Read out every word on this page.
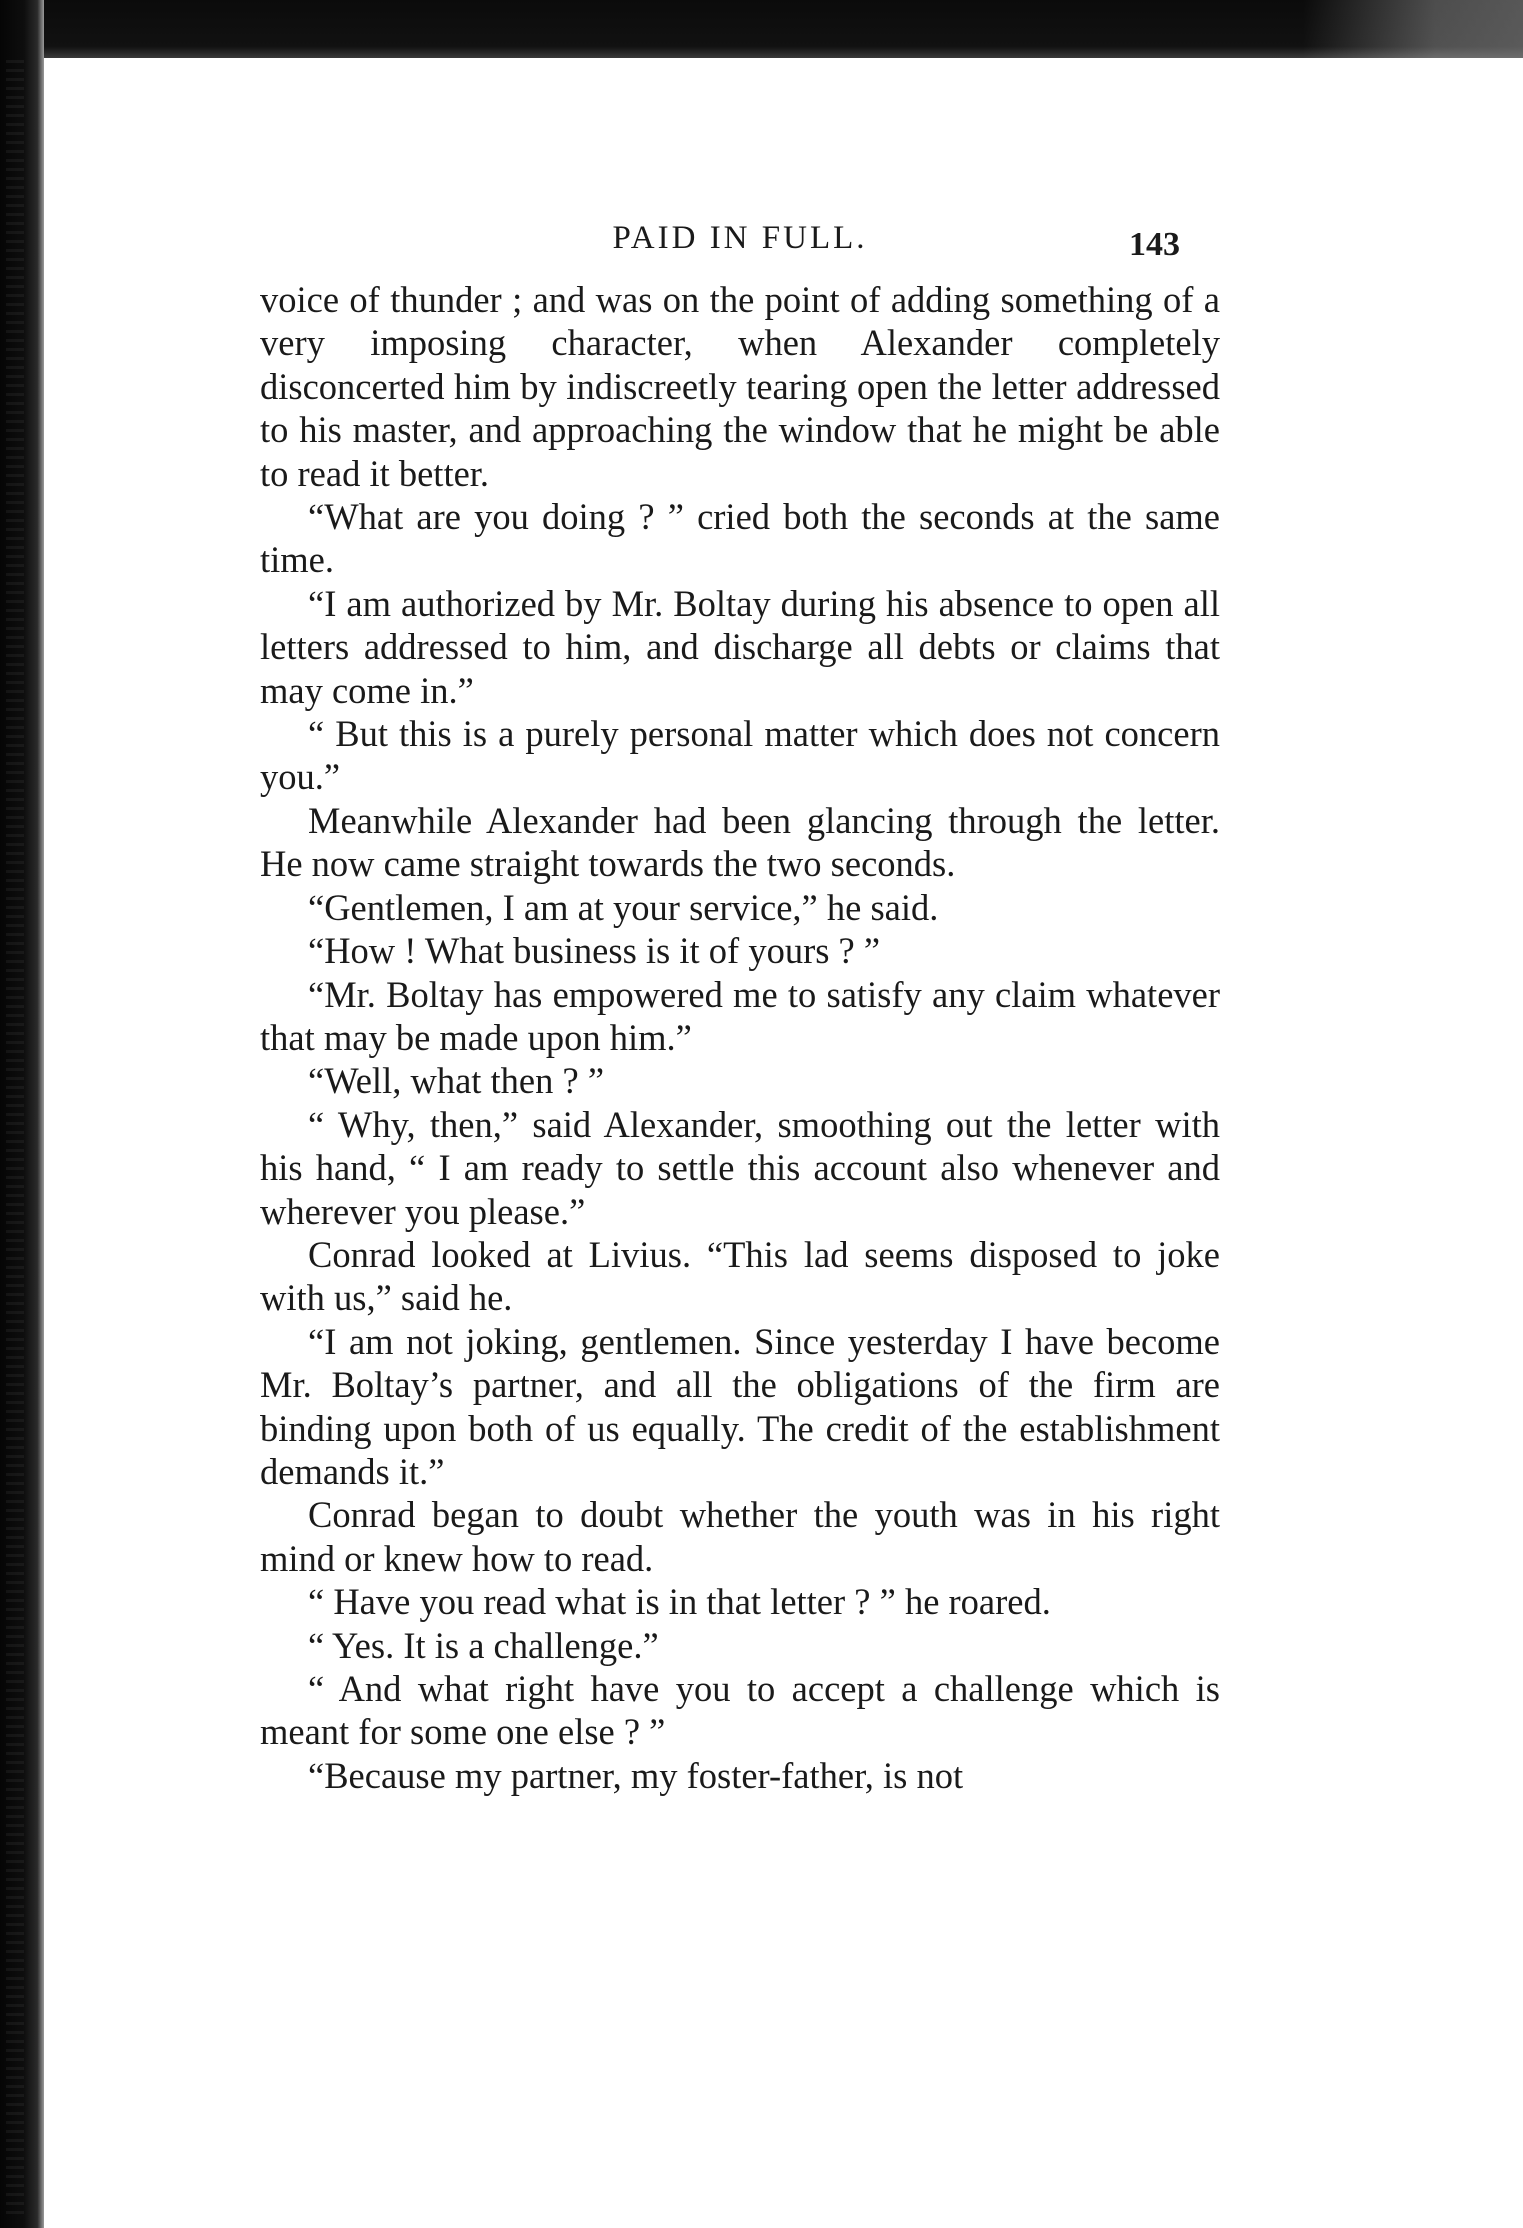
PAID IN FULL.	143

voice of thunder ; and was on the point of adding something of a very imposing character, when Alexander completely disconcerted him by indiscreetly tearing open the letter addressed to his master, and approaching the window that he might be able to read it better.

“What are you doing ? ” cried both the seconds at the same time.

“I am authorized by Mr. Boltay during his absence to open all letters addressed to him, and discharge all debts or claims that may come in.”

“ But this is a purely personal matter which does not concern you.”

Meanwhile Alexander had been glancing through the letter. He now came straight towards the two seconds.

“Gentlemen, I am at your service,” he said.

“How ! What business is it of yours ? ”

“Mr. Boltay has empowered me to satisfy any claim whatever that may be made upon him.”

“Well, what then ? ”

“ Why, then,” said Alexander, smoothing out the letter with his hand, “ I am ready to settle this account also whenever and wherever you please.”

Conrad looked at Livius. “This lad seems disposed to joke with us,” said he.

“I am not joking, gentlemen. Since yesterday I have become Mr. Boltay’s partner, and all the obligations of the firm are binding upon both of us equally. The credit of the establishment demands it.”

Conrad began to doubt whether the youth was in his right mind or knew how to read.

“ Have you read what is in that letter ? ” he roared.

“ Yes. It is a challenge.”

“ And what right have you to accept a challenge which is meant for some one else ? ”

“Because my partner, my foster-father, is not
